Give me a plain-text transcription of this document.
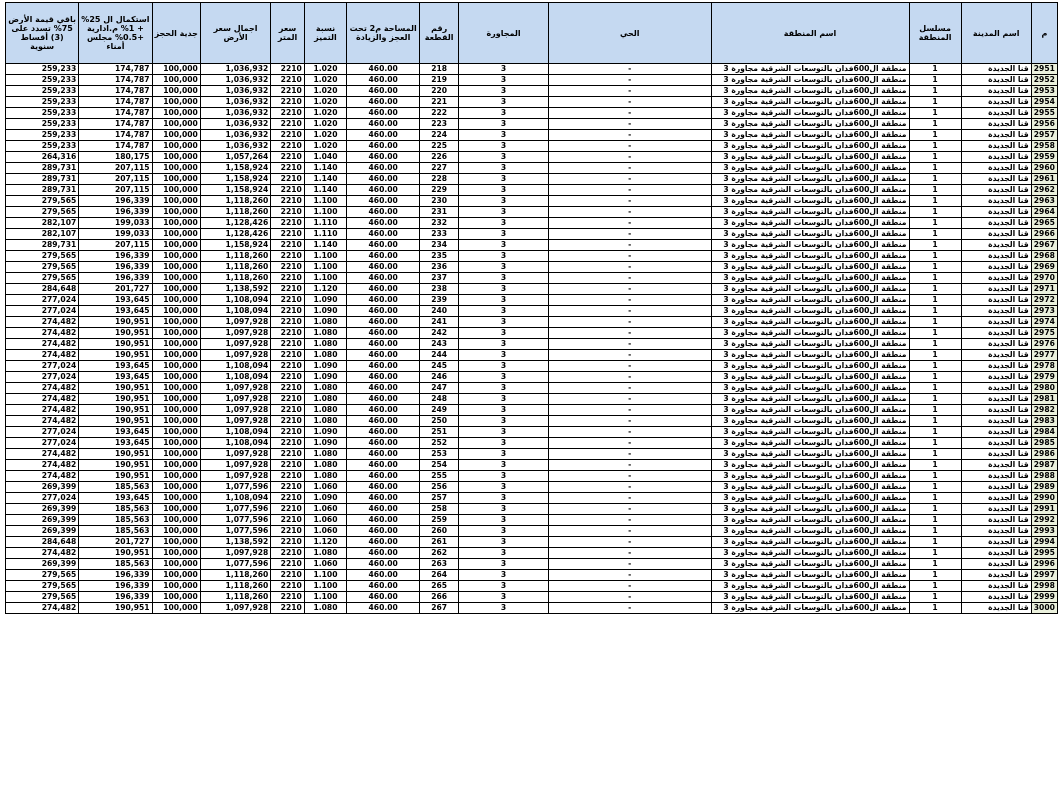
باقي قيمة الأرض 75% تسدد على (3) أقساط سنوية	استكمال ال 25% + 1% م.ادارية +0.5% مجلس أمناء	جدية الحجز	اجمال سعر الأرض	سعر المتر	نسبة التميز	المساحة م2 تحت العجز والزيادة	رقم القطعة	المجاورة	الحي	اسم المنطقة	مسلسل المنطقة	اسم المدينة	م
259,233	174,787	100,000	1,036,932	2210	1.020	460.00	218	3	-	منطقة ال600فدان بالتوسعات الشرقية مجاورة 3	1	قنا الجديدة	2951
259,233	174,787	100,000	1,036,932	2210	1.020	460.00	219	3	-	منطقة ال600فدان بالتوسعات الشرقية مجاورة 3	1	قنا الجديدة	2952
259,233	174,787	100,000	1,036,932	2210	1.020	460.00	220	3	-	منطقة ال600فدان بالتوسعات الشرقية مجاورة 3	1	قنا الجديدة	2953
259,233	174,787	100,000	1,036,932	2210	1.020	460.00	221	3	-	منطقة ال600فدان بالتوسعات الشرقية مجاورة 3	1	قنا الجديدة	2954
259,233	174,787	100,000	1,036,932	2210	1.020	460.00	222	3	-	منطقة ال600فدان بالتوسعات الشرقية مجاورة 3	1	قنا الجديدة	2955
259,233	174,787	100,000	1,036,932	2210	1.020	460.00	223	3	-	منطقة ال600فدان بالتوسعات الشرقية مجاورة 3	1	قنا الجديدة	2956
259,233	174,787	100,000	1,036,932	2210	1.020	460.00	224	3	-	منطقة ال600فدان بالتوسعات الشرقية مجاورة 3	1	قنا الجديدة	2957
259,233	174,787	100,000	1,036,932	2210	1.020	460.00	225	3	-	منطقة ال600فدان بالتوسعات الشرقية مجاورة 3	1	قنا الجديدة	2958
264,316	180,175	100,000	1,057,264	2210	1.040	460.00	226	3	-	منطقة ال600فدان بالتوسعات الشرقية مجاورة 3	1	قنا الجديدة	2959
289,731	207,115	100,000	1,158,924	2210	1.140	460.00	227	3	-	منطقة ال600فدان بالتوسعات الشرقية مجاورة 3	1	قنا الجديدة	2960
289,731	207,115	100,000	1,158,924	2210	1.140	460.00	228	3	-	منطقة ال600فدان بالتوسعات الشرقية مجاورة 3	1	قنا الجديدة	2961
289,731	207,115	100,000	1,158,924	2210	1.140	460.00	229	3	-	منطقة ال600فدان بالتوسعات الشرقية مجاورة 3	1	قنا الجديدة	2962
279,565	196,339	100,000	1,118,260	2210	1.100	460.00	230	3	-	منطقة ال600فدان بالتوسعات الشرقية مجاورة 3	1	قنا الجديدة	2963
279,565	196,339	100,000	1,118,260	2210	1.100	460.00	231	3	-	منطقة ال600فدان بالتوسعات الشرقية مجاورة 3	1	قنا الجديدة	2964
282,107	199,033	100,000	1,128,426	2210	1.110	460.00	232	3	-	منطقة ال600فدان بالتوسعات الشرقية مجاورة 3	1	قنا الجديدة	2965
282,107	199,033	100,000	1,128,426	2210	1.110	460.00	233	3	-	منطقة ال600فدان بالتوسعات الشرقية مجاورة 3	1	قنا الجديدة	2966
289,731	207,115	100,000	1,158,924	2210	1.140	460.00	234	3	-	منطقة ال600فدان بالتوسعات الشرقية مجاورة 3	1	قنا الجديدة	2967
279,565	196,339	100,000	1,118,260	2210	1.100	460.00	235	3	-	منطقة ال600فدان بالتوسعات الشرقية مجاورة 3	1	قنا الجديدة	2968
279,565	196,339	100,000	1,118,260	2210	1.100	460.00	236	3	-	منطقة ال600فدان بالتوسعات الشرقية مجاورة 3	1	قنا الجديدة	2969
279,565	196,339	100,000	1,118,260	2210	1.100	460.00	237	3	-	منطقة ال600فدان بالتوسعات الشرقية مجاورة 3	1	قنا الجديدة	2970
284,648	201,727	100,000	1,138,592	2210	1.120	460.00	238	3	-	منطقة ال600فدان بالتوسعات الشرقية مجاورة 3	1	قنا الجديدة	2971
277,024	193,645	100,000	1,108,094	2210	1.090	460.00	239	3	-	منطقة ال600فدان بالتوسعات الشرقية مجاورة 3	1	قنا الجديدة	2972
277,024	193,645	100,000	1,108,094	2210	1.090	460.00	240	3	-	منطقة ال600فدان بالتوسعات الشرقية مجاورة 3	1	قنا الجديدة	2973
274,482	190,951	100,000	1,097,928	2210	1.080	460.00	241	3	-	منطقة ال600فدان بالتوسعات الشرقية مجاورة 3	1	قنا الجديدة	2974
274,482	190,951	100,000	1,097,928	2210	1.080	460.00	242	3	-	منطقة ال600فدان بالتوسعات الشرقية مجاورة 3	1	قنا الجديدة	2975
274,482	190,951	100,000	1,097,928	2210	1.080	460.00	243	3	-	منطقة ال600فدان بالتوسعات الشرقية مجاورة 3	1	قنا الجديدة	2976
274,482	190,951	100,000	1,097,928	2210	1.080	460.00	244	3	-	منطقة ال600فدان بالتوسعات الشرقية مجاورة 3	1	قنا الجديدة	2977
277,024	193,645	100,000	1,108,094	2210	1.090	460.00	245	3	-	منطقة ال600فدان بالتوسعات الشرقية مجاورة 3	1	قنا الجديدة	2978
277,024	193,645	100,000	1,108,094	2210	1.090	460.00	246	3	-	منطقة ال600فدان بالتوسعات الشرقية مجاورة 3	1	قنا الجديدة	2979
274,482	190,951	100,000	1,097,928	2210	1.080	460.00	247	3	-	منطقة ال600فدان بالتوسعات الشرقية مجاورة 3	1	قنا الجديدة	2980
274,482	190,951	100,000	1,097,928	2210	1.080	460.00	248	3	-	منطقة ال600فدان بالتوسعات الشرقية مجاورة 3	1	قنا الجديدة	2981
274,482	190,951	100,000	1,097,928	2210	1.080	460.00	249	3	-	منطقة ال600فدان بالتوسعات الشرقية مجاورة 3	1	قنا الجديدة	2982
274,482	190,951	100,000	1,097,928	2210	1.080	460.00	250	3	-	منطقة ال600فدان بالتوسعات الشرقية مجاورة 3	1	قنا الجديدة	2983
277,024	193,645	100,000	1,108,094	2210	1.090	460.00	251	3	-	منطقة ال600فدان بالتوسعات الشرقية مجاورة 3	1	قنا الجديدة	2984
277,024	193,645	100,000	1,108,094	2210	1.090	460.00	252	3	-	منطقة ال600فدان بالتوسعات الشرقية مجاورة 3	1	قنا الجديدة	2985
274,482	190,951	100,000	1,097,928	2210	1.080	460.00	253	3	-	منطقة ال600فدان بالتوسعات الشرقية مجاورة 3	1	قنا الجديدة	2986
274,482	190,951	100,000	1,097,928	2210	1.080	460.00	254	3	-	منطقة ال600فدان بالتوسعات الشرقية مجاورة 3	1	قنا الجديدة	2987
274,482	190,951	100,000	1,097,928	2210	1.080	460.00	255	3	-	منطقة ال600فدان بالتوسعات الشرقية مجاورة 3	1	قنا الجديدة	2988
269,399	185,563	100,000	1,077,596	2210	1.060	460.00	256	3	-	منطقة ال600فدان بالتوسعات الشرقية مجاورة 3	1	قنا الجديدة	2989
277,024	193,645	100,000	1,108,094	2210	1.090	460.00	257	3	-	منطقة ال600فدان بالتوسعات الشرقية مجاورة 3	1	قنا الجديدة	2990
269,399	185,563	100,000	1,077,596	2210	1.060	460.00	258	3	-	منطقة ال600فدان بالتوسعات الشرقية مجاورة 3	1	قنا الجديدة	2991
269,399	185,563	100,000	1,077,596	2210	1.060	460.00	259	3	-	منطقة ال600فدان بالتوسعات الشرقية مجاورة 3	1	قنا الجديدة	2992
269,399	185,563	100,000	1,077,596	2210	1.060	460.00	260	3	-	منطقة ال600فدان بالتوسعات الشرقية مجاورة 3	1	قنا الجديدة	2993
284,648	201,727	100,000	1,138,592	2210	1.120	460.00	261	3	-	منطقة ال600فدان بالتوسعات الشرقية مجاورة 3	1	قنا الجديدة	2994
274,482	190,951	100,000	1,097,928	2210	1.080	460.00	262	3	-	منطقة ال600فدان بالتوسعات الشرقية مجاورة 3	1	قنا الجديدة	2995
269,399	185,563	100,000	1,077,596	2210	1.060	460.00	263	3	-	منطقة ال600فدان بالتوسعات الشرقية مجاورة 3	1	قنا الجديدة	2996
279,565	196,339	100,000	1,118,260	2210	1.100	460.00	264	3	-	منطقة ال600فدان بالتوسعات الشرقية مجاورة 3	1	قنا الجديدة	2997
279,565	196,339	100,000	1,118,260	2210	1.100	460.00	265	3	-	منطقة ال600فدان بالتوسعات الشرقية مجاورة 3	1	قنا الجديدة	2998
279,565	196,339	100,000	1,118,260	2210	1.100	460.00	266	3	-	منطقة ال600فدان بالتوسعات الشرقية مجاورة 3	1	قنا الجديدة	2999
274,482	190,951	100,000	1,097,928	2210	1.080	460.00	267	3	-	منطقة ال600فدان بالتوسعات الشرقية مجاورة 3	1	قنا الجديدة	3000
